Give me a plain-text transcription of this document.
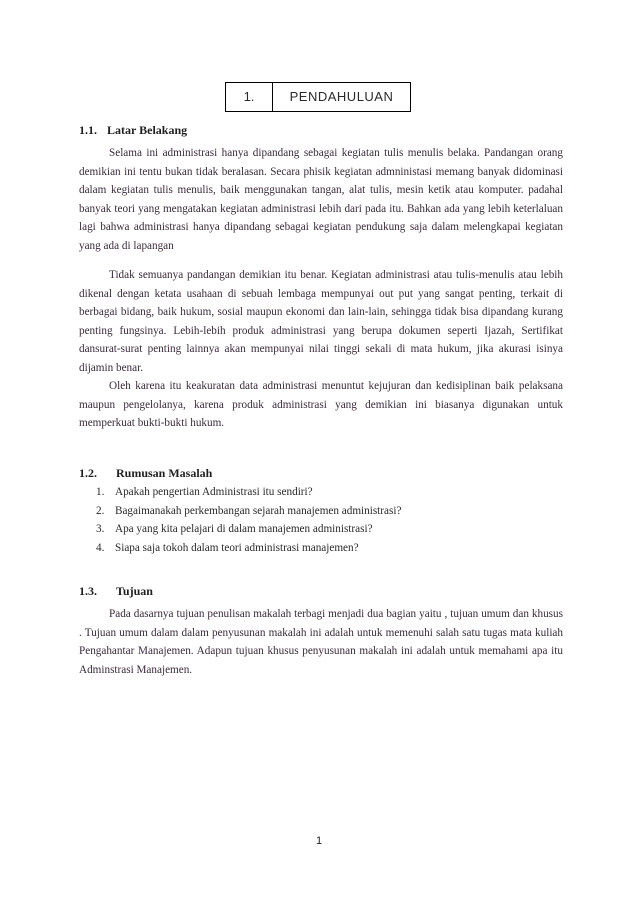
1.	PENDAHULUAN
1.1. Latar Belakang
Selama ini administrasi hanya dipandang sebagai kegiatan tulis menulis belaka. Pandangan orang demikian ini tentu bukan tidak beralasan. Secara phisik kegiatan admninistasi memang banyak didominasi dalam kegiatan tulis menulis, baik menggunakan tangan, alat tulis, mesin ketik atau komputer. padahal banyak teori yang mengatakan kegiatan administrasi lebih dari pada itu. Bahkan ada yang lebih keterlaluan lagi bahwa administrasi hanya dipandang sebagai kegiatan pendukung saja dalam melengkapai kegiatan yang ada di lapangan
Tidak semuanya pandangan demikian itu benar. Kegiatan administrasi atau tulis-menulis atau lebih dikenal dengan ketata usahaan di sebuah lembaga mempunyai out put yang sangat penting, terkait di berbagai bidang, baik hukum, sosial maupun ekonomi dan lain-lain, sehingga tidak bisa dipandang kurang penting fungsinya. Lebih-lebih produk administrasi yang berupa dokumen seperti Ijazah, Sertifikat dansurat-surat penting lainnya akan mempunyai nilai tinggi sekali di mata hukum, jika akurasi isinya dijamin benar.
Oleh karena itu keakuratan data administrasi menuntut kejujuran dan kedisiplinan baik pelaksana maupun pengelolanya, karena produk administrasi yang demikian ini biasanya digunakan untuk memperkuat bukti-bukti hukum.
1.2. Rumusan Masalah
1. Apakah pengertian Administrasi itu sendiri?
2. Bagaimanakah perkembangan sejarah manajemen administrasi?
3. Apa yang kita pelajari di dalam manajemen administrasi?
4. Siapa saja tokoh dalam teori administrasi manajemen?
1.3. Tujuan
Pada dasarnya tujuan penulisan makalah terbagi menjadi dua bagian yaitu , tujuan umum dan khusus . Tujuan umum dalam dalam penyusunan makalah ini adalah untuk memenuhi salah satu tugas mata kuliah Pengahantar Manajemen. Adapun tujuan khusus penyusunan makalah ini adalah untuk memahami apa itu Adminstrasi Manajemen.
1
